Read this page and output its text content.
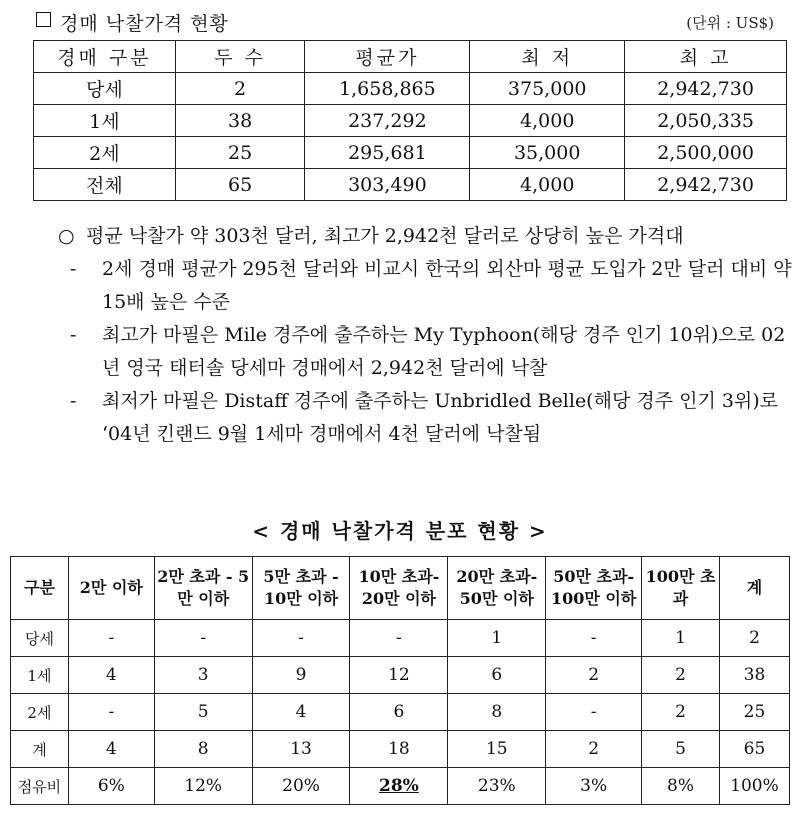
경매 낙찰가격 현황	(단위 : US$)
경매 구분	두 수	평균가	최 저	최 고
당세	2	1,658,865	375,000	2,942,730
1세	38	237,292	4,000	2,050,335
2세	25	295,681	35,000	2,500,000
전체	65	303,490	4,000	2,942,730
○ 평균 낙찰가 약 303천 달러, 최고가 2,942천 달러로 상당히 높은 가격대
- 2세 경매 평균가 295천 달러와 비교시 한국의 외산마 평균 도입가 2만 달러 대비 약 15배 높은 수준
- 최고가 마필은 Mile 경주에 출주하는 My Typhoon(해당 경주 인기 10위)으로 02년 영국 태터솔 당세마 경매에서 2,942천 달러에 낙찰
- 최저가 마필은 Distaff 경주에 출주하는 Unbridled Belle(해당 경주 인기 3위)로 ‘04년 킨랜드 9월 1세마 경매에서 4천 달러에 낙찰됨
< 경매 낙찰가격 분포 현황 >
구분	2만 이하	2만 초과 - 5만 이하	5만 초과 - 10만 이하	10만 초과- 20만 이하	20만 초과- 50만 이하	50만 초과- 100만 이하	100만 초과	계
당세	-	-	-	-	1	-	1	2
1세	4	3	9	12	6	2	2	38
2세	-	5	4	6	8	-	2	25
계	4	8	13	18	15	2	5	65
점유비	6%	12%	20%	28%	23%	3%	8%	100%
